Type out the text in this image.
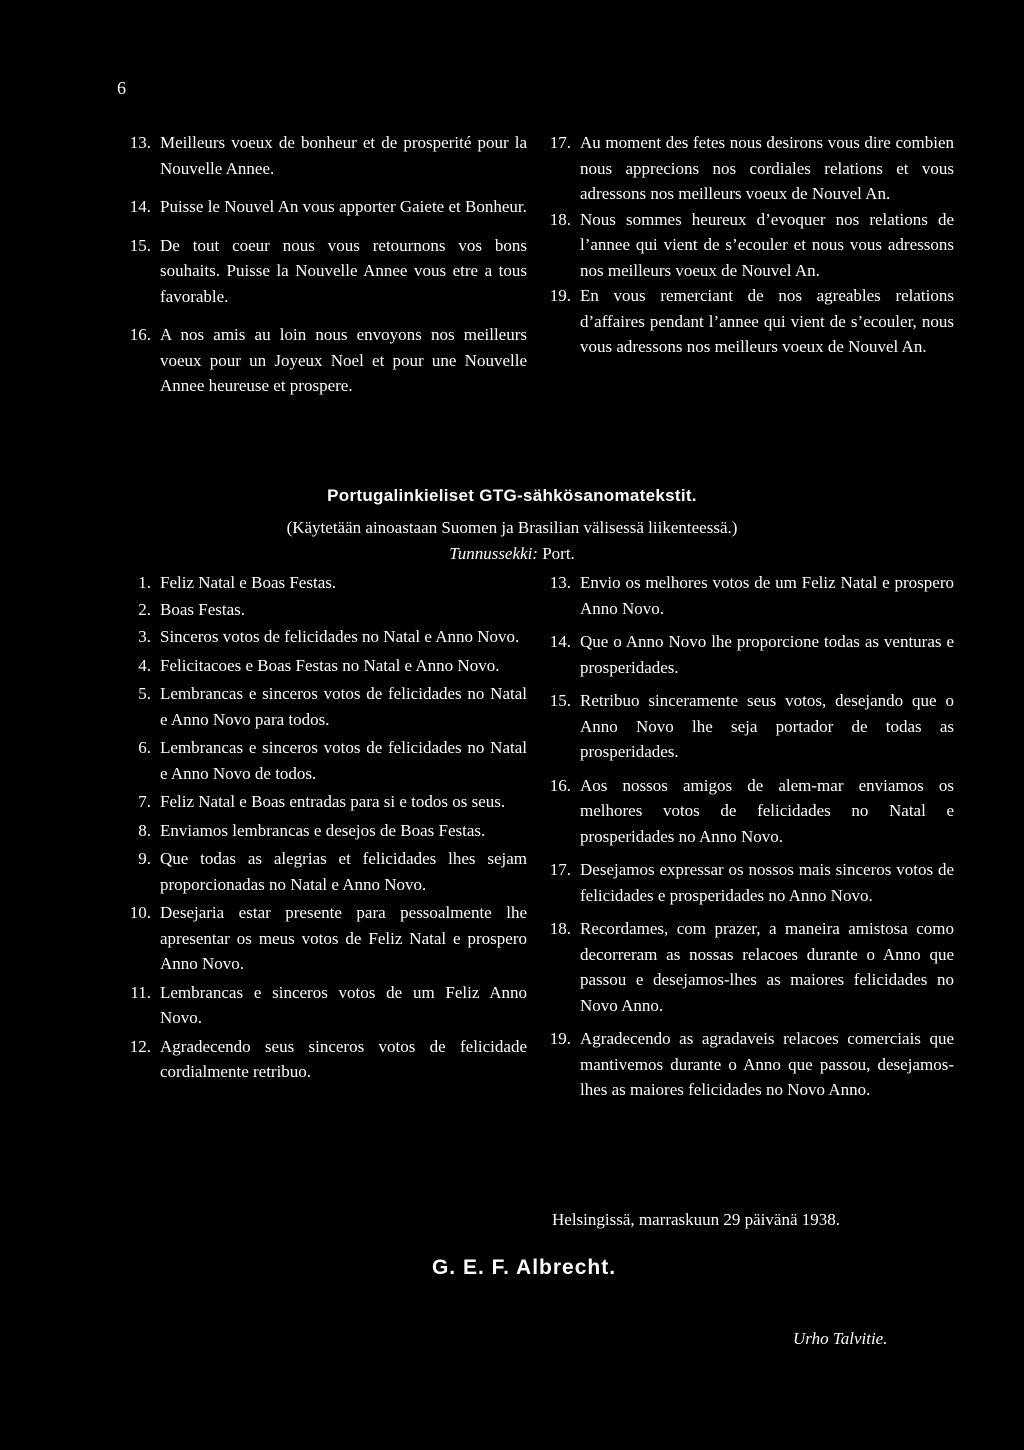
6
13. Meilleurs voeux de bonheur et de prosperité pour la Nouvelle Annee.
14. Puisse le Nouvel An vous apporter Gaiete et Bonheur.
15. De tout coeur nous vous retournons vos bons souhaits. Puisse la Nouvelle Annee vous etre a tous favorable.
16. A nos amis au loin nous envoyons nos meilleurs voeux pour un Joyeux Noel et pour une Nouvelle Annee heureuse et prospere.
17. Au moment des fetes nous desirons vous dire combien nous apprecions nos cordiales relations et vous adressons nos meilleurs voeux de Nouvel An.
18. Nous sommes heureux d’evoquer nos relations de l’annee qui vient de s’ecouler et nous vous adressons nos meilleurs voeux de Nouvel An.
19. En vous remerciant de nos agreables relations d’affaires pendant l’annee qui vient de s’ecouler, nous vous adressons nos meilleurs voeux de Nouvel An.
Portugalinkieliset GTG-sähkösanomatekstit.
(Käytetään ainoastaan Suomen ja Brasilian välisessä liikenteessä.)
Tunnussekki: Port.
1. Feliz Natal e Boas Festas.
2. Boas Festas.
3. Sinceros votos de felicidades no Natal e Anno Novo.
4. Felicitacoes e Boas Festas no Natal e Anno Novo.
5. Lembrancas e sinceros votos de felicidades no Natal e Anno Novo para todos.
6. Lembrancas e sinceros votos de felicidades no Natal e Anno Novo de todos.
7. Feliz Natal e Boas entradas para si e todos os seus.
8. Enviamos lembrancas e desejos de Boas Festas.
9. Que todas as alegrias et felicidades lhes sejam proporcionadas no Natal e Anno Novo.
10. Desejaria estar presente para pessoalmente lhe apresentar os meus votos de Feliz Natal e prospero Anno Novo.
11. Lembrancas e sinceros votos de um Feliz Anno Novo.
12. Agradecendo seus sinceros votos de felicidade cordialmente retribuo.
13. Envio os melhores votos de um Feliz Natal e prospero Anno Novo.
14. Que o Anno Novo lhe proporcione todas as venturas e prosperidades.
15. Retribuo sinceramente seus votos, desejando que o Anno Novo lhe seja portador de todas as prosperidades.
16. Aos nossos amigos de alem-mar enviamos os melhores votos de felicidades no Natal e prosperidades no Anno Novo.
17. Desejamos expressar os nossos mais sinceros votos de felicidades e prosperidades no Anno Novo.
18. Recordames, com prazer, a maneira amistosa como decorreram as nossas relacoes durante o Anno que passou e desejamos-lhes as maiores felicidades no Novo Anno.
19. Agradecendo as agradaveis relacoes comerciais que mantivemos durante o Anno que passou, desejamos-lhes as maiores felicidades no Novo Anno.
Helsingissä, marraskuun 29 päivänä 1938.
G. E. F. Albrecht.
Urho Talvitie.
